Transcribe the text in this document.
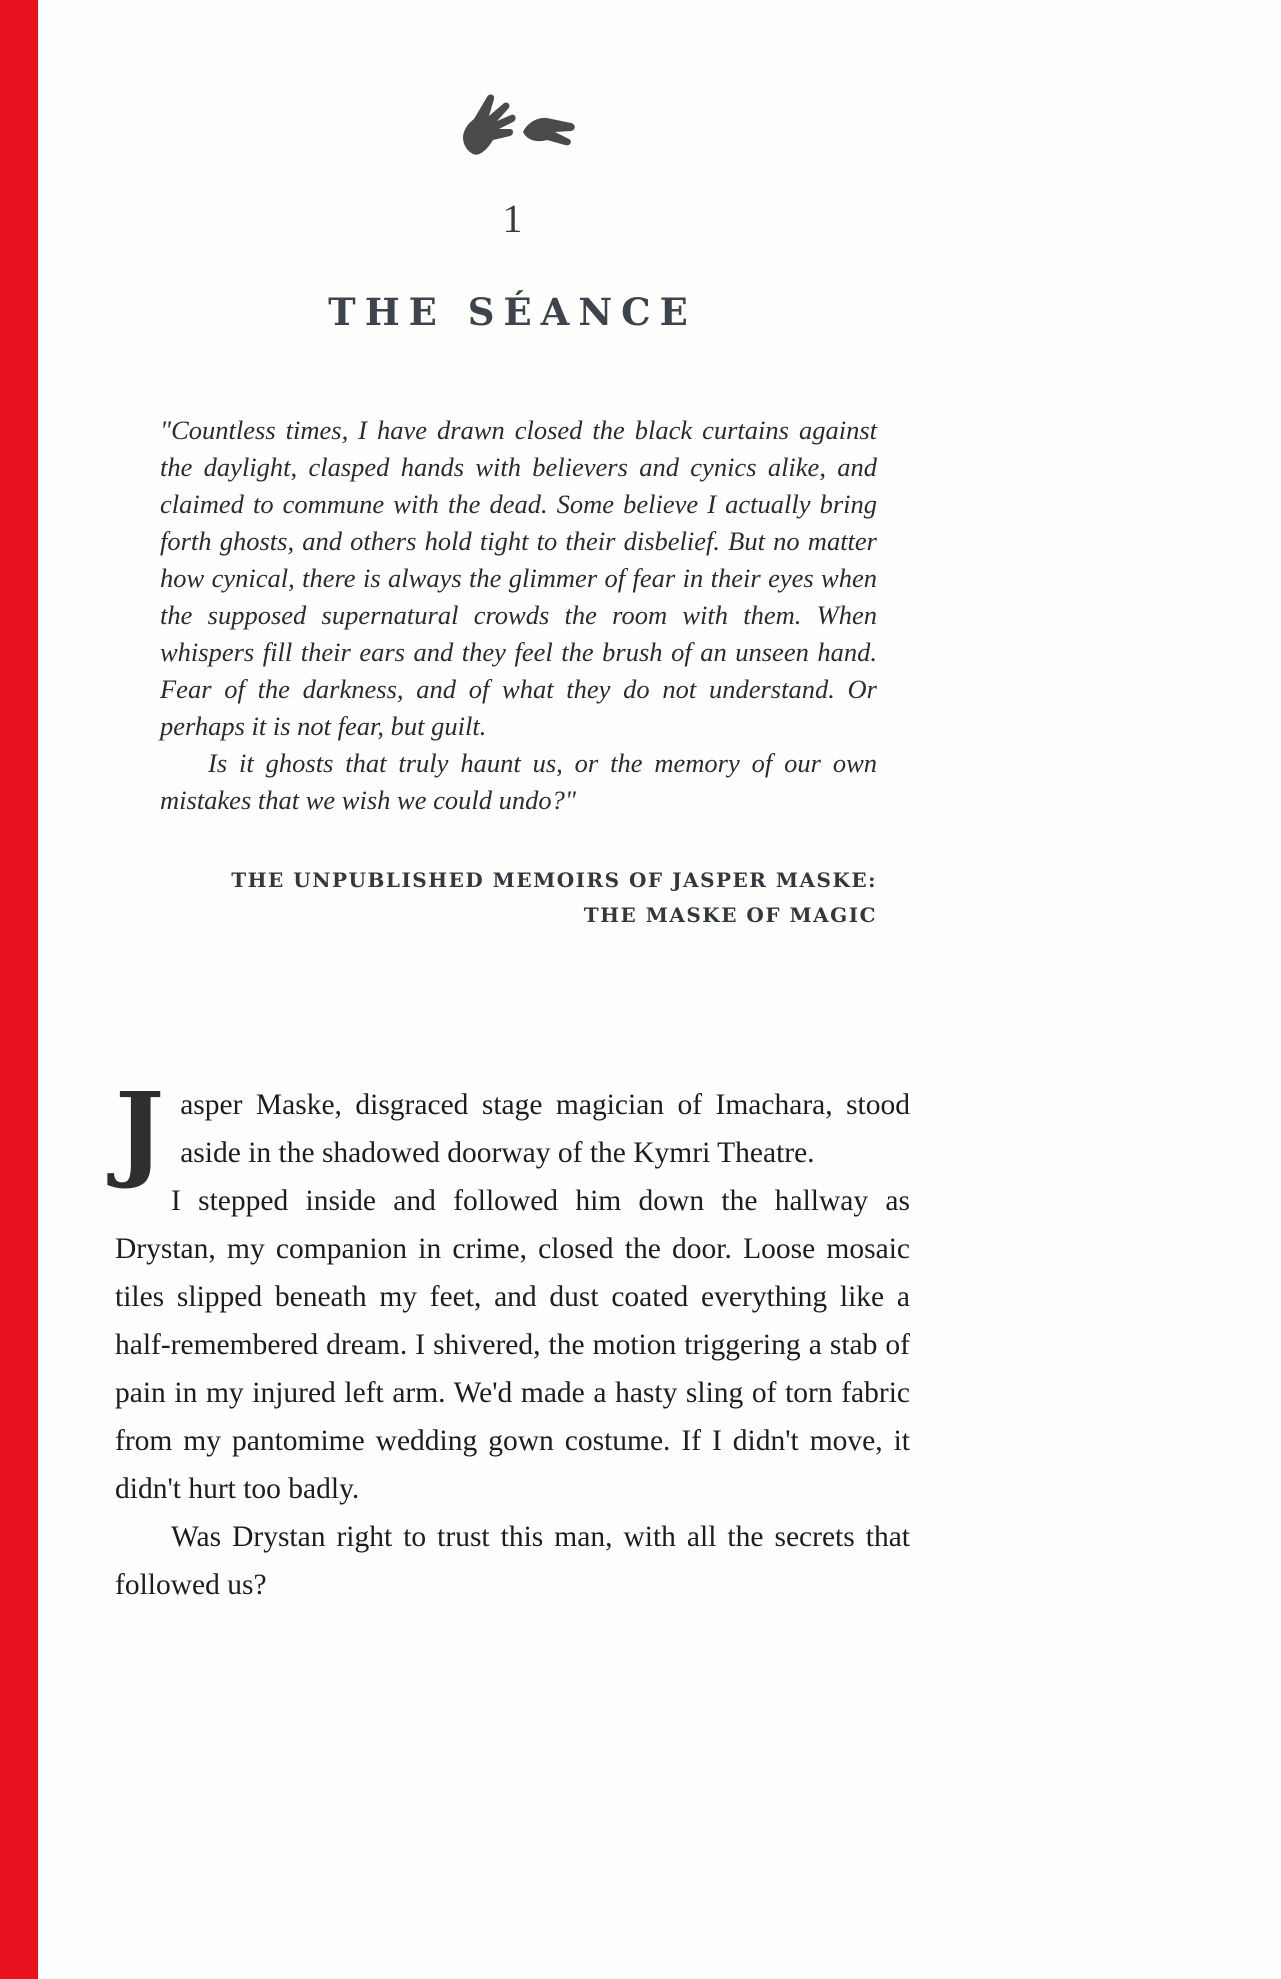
1
THE SÉANCE

"Countless times, I have drawn closed the black curtains against the daylight, clasped hands with believers and cynics alike, and claimed to commune with the dead. Some believe I actually bring forth ghosts, and others hold tight to their disbelief. But no matter how cynical, there is always the glimmer of fear in their eyes when the supposed supernatural crowds the room with them. When whispers fill their ears and they feel the brush of an unseen hand. Fear of the darkness, and of what they do not understand. Or perhaps it is not fear, but guilt.

Is it ghosts that truly haunt us, or the memory of our own mistakes that we wish we could undo?"

THE UNPUBLISHED MEMOIRS OF JASPER MASKE:
THE MASKE OF MAGIC

Jasper Maske, disgraced stage magician of Imachara, stood aside in the shadowed doorway of the Kymri Theatre.

I stepped inside and followed him down the hallway as Drystan, my companion in crime, closed the door. Loose mosaic tiles slipped beneath my feet, and dust coated everything like a half-remembered dream. I shivered, the motion triggering a stab of pain in my injured left arm. We'd made a hasty sling of torn fabric from my pantomime wedding gown costume. If I didn't move, it didn't hurt too badly.

Was Drystan right to trust this man, with all the secrets that followed us?
